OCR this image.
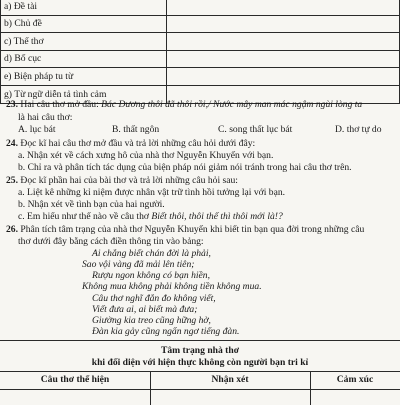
a) Đề tài	
b) Chủ đề	
c) Thể thơ	
d) Bố cục	
e) Biện pháp tu từ	
g) Từ ngữ diễn tả tình cảm	
23. Hai câu thơ mở đầu: Bác Dương thôi đã thôi rồi,/ Nước mây man mác ngậm ngùi lòng ta
là hai câu thơ:
A. lục bát	B. thất ngôn	C. song thất lục bát	D. thơ tự do
24. Đọc kĩ hai câu thơ mở đầu và trả lời những câu hỏi dưới đây:
a. Nhận xét về cách xưng hô của nhà thơ Nguyễn Khuyến với bạn.
b. Chỉ ra và phân tích tác dụng của biện pháp nói giảm nói tránh trong hai câu thơ trên.
25. Đọc kĩ phần hai của bài thơ và trả lời những câu hỏi sau:
a. Liệt kê những kỉ niệm được nhân vật trữ tình hồi tưởng lại với bạn.
b. Nhận xét về tình bạn của hai người.
c. Em hiểu như thế nào về câu thơ Biết thôi, thôi thế thì thôi mới là!?
26. Phân tích tâm trạng của nhà thơ Nguyễn Khuyến khi biết tin bạn qua đời trong những câu
thơ dưới đây bằng cách điền thông tin vào bảng:
Ai chẳng biết chán đời là phải,
Sao vội vàng đã mải lên tiên;
Rượu ngon không có bạn hiền,
Không mua không phải không tiền không mua.
Câu thơ nghĩ đắn đo không viết,
Viết đưa ai, ai biết mà đưa;
Giường kia treo cũng hững hờ,
Đàn kia gảy cũng ngẩn ngơ tiếng đàn.
Tâm trạng nhà thơ
khi đối diện với hiện thực không còn người bạn tri kỉ
Câu thơ thể hiện	Nhận xét	Cảm xúc
